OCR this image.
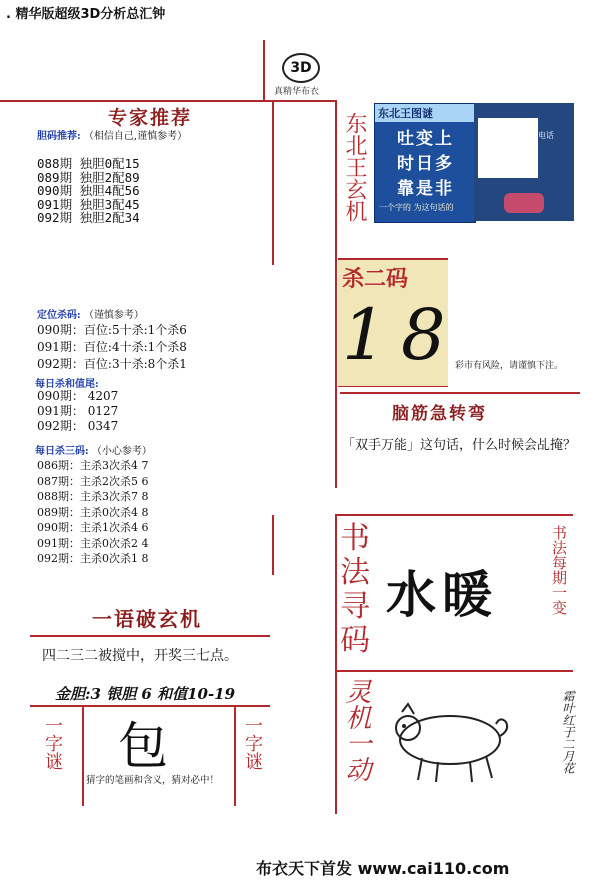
. 精华版超级3D分析总汇钟
3D
真精华布衣
专家推荐
胆码推荐: （相信自己,谨慎参考）
088期 独胆0配15
089期 独胆2配89
090期 独胆4配56
091期 独胆3配45
092期 独胆2配34
定位杀码: （谨慎参考）
090期：百位:5十杀:1个杀6
091期：百位:4十杀:1个杀8
092期：百位:3十杀:8个杀1
每日杀和值尾:
090期： 4207
091期： 0127
092期： 0347
每日杀三码: （小心参考）
086期：主杀3次杀4 7
087期：主杀2次杀5 6
088期：主杀3次杀7 8
089期：主杀0次杀4 8
090期：主杀1次杀4 6
091期：主杀0次杀2 4
092期：主杀0次杀1 8
一语破玄机
四二三二被搅中，开奖三七点。
金胆:3 银胆 6 和值10-19
一字谜 包
猜字的笔画和含义，猜对必中！
一字谜
东北王玄机 东北王图谜
吐变上
时日多
靠是非
一个字的 为这句话的
电话
杀二码
1 8 彩市有风险，请谨慎下注。
脑筋急转弯
「双手万能」这句话，什么时候会乩掩？
书法寻码
水暖	书法每期一变
灵机一动	霜叶红于二月花
布衣天下首发 www.cai110.com
